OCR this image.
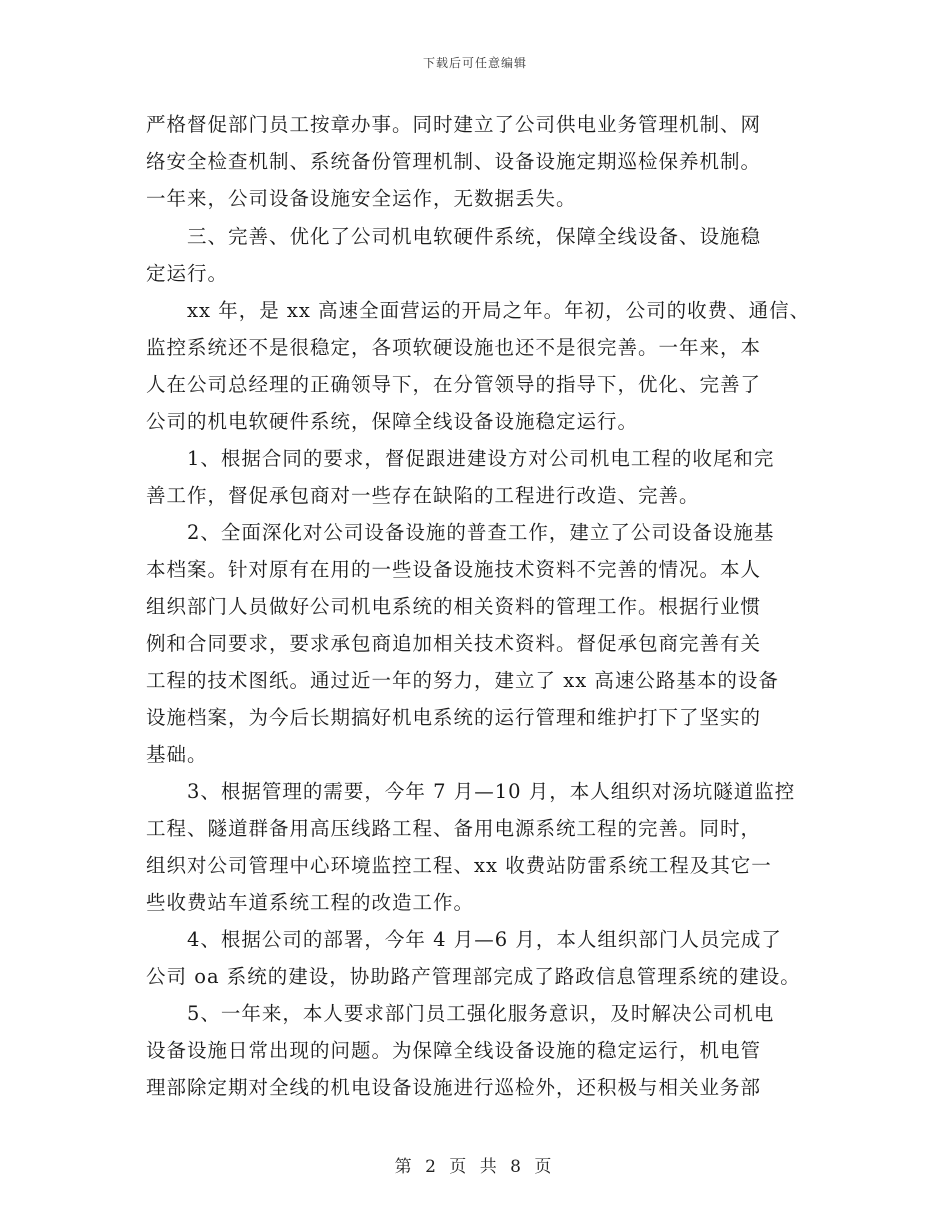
下载后可任意编辑
严格督促部门员工按章办事。同时建立了公司供电业务管理机制、网
络安全检查机制、系统备份管理机制、设备设施定期巡检保养机制。
一年来，公司设备设施安全运作，无数据丢失。
　　三、完善、优化了公司机电软硬件系统，保障全线设备、设施稳
定运行。
　　xx 年，是 xx 高速全面营运的开局之年。年初，公司的收费、通信、
监控系统还不是很稳定，各项软硬设施也还不是很完善。一年来，本
人在公司总经理的正确领导下，在分管领导的指导下，优化、完善了
公司的机电软硬件系统，保障全线设备设施稳定运行。
　　1、根据合同的要求，督促跟进建设方对公司机电工程的收尾和完
善工作，督促承包商对一些存在缺陷的工程进行改造、完善。
　　2、全面深化对公司设备设施的普查工作，建立了公司设备设施基
本档案。针对原有在用的一些设备设施技术资料不完善的情况。本人
组织部门人员做好公司机电系统的相关资料的管理工作。根据行业惯
例和合同要求，要求承包商追加相关技术资料。督促承包商完善有关
工程的技术图纸。通过近一年的努力，建立了 xx 高速公路基本的设备
设施档案，为今后长期搞好机电系统的运行管理和维护打下了坚实的
基础。
　　3、根据管理的需要，今年 7 月—10 月，本人组织对汤坑隧道监控
工程、隧道群备用高压线路工程、备用电源系统工程的完善。同时，
组织对公司管理中心环境监控工程、xx 收费站防雷系统工程及其它一
些收费站车道系统工程的改造工作。
　　4、根据公司的部署，今年 4 月—6 月，本人组织部门人员完成了
公司 oa 系统的建设，协助路产管理部完成了路政信息管理系统的建设。
　　5、一年来，本人要求部门员工强化服务意识，及时解决公司机电
设备设施日常出现的问题。为保障全线设备设施的稳定运行，机电管
理部除定期对全线的机电设备设施进行巡检外，还积极与相关业务部
第 2 页 共 8 页
